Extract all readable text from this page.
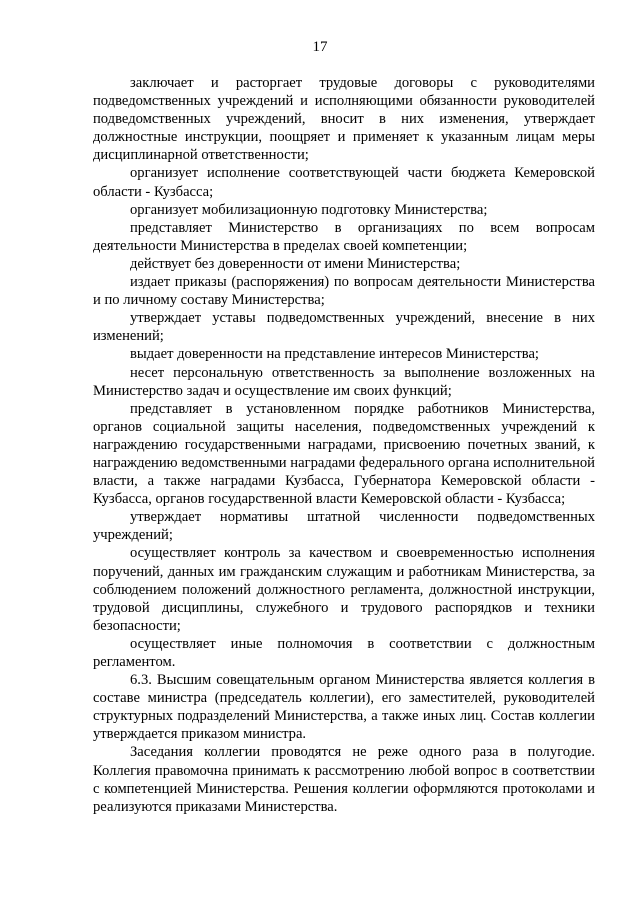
17

заключает и расторгает трудовые договоры с руководителями подведомственных учреждений и исполняющими обязанности руководителей подведомственных учреждений, вносит в них изменения, утверждает должностные инструкции, поощряет и применяет к указанным лицам меры дисциплинарной ответственности;

организует исполнение соответствующей части бюджета Кемеровской области - Кузбасса;

организует мобилизационную подготовку Министерства;

представляет Министерство в организациях по всем вопросам деятельности Министерства в пределах своей компетенции;

действует без доверенности от имени Министерства;

издает приказы (распоряжения) по вопросам деятельности Министерства и по личному составу Министерства;

утверждает уставы подведомственных учреждений, внесение в них изменений;

выдает доверенности на представление интересов Министерства;

несет персональную ответственность за выполнение возложенных на Министерство задач и осуществление им своих функций;

представляет в установленном порядке работников Министерства, органов социальной защиты населения, подведомственных учреждений к награждению государственными наградами, присвоению почетных званий, к награждению ведомственными наградами федерального органа исполнительной власти, а также наградами Кузбасса, Губернатора Кемеровской области - Кузбасса, органов государственной власти Кемеровской области - Кузбасса;

утверждает нормативы штатной численности подведомственных учреждений;

осуществляет контроль за качеством и своевременностью исполнения поручений, данных им гражданским служащим и работникам Министерства, за соблюдением положений должностного регламента, должностной инструкции, трудовой дисциплины, служебного и трудового распорядков и техники безопасности;

осуществляет иные полномочия в соответствии с должностным регламентом.

6.3. Высшим совещательным органом Министерства является коллегия в составе министра (председатель коллегии), его заместителей, руководителей структурных подразделений Министерства, а также иных лиц. Состав коллегии утверждается приказом министра.

Заседания коллегии проводятся не реже одного раза в полугодие. Коллегия правомочна принимать к рассмотрению любой вопрос в соответствии с компетенцией Министерства. Решения коллегии оформляются протоколами и реализуются приказами Министерства.
